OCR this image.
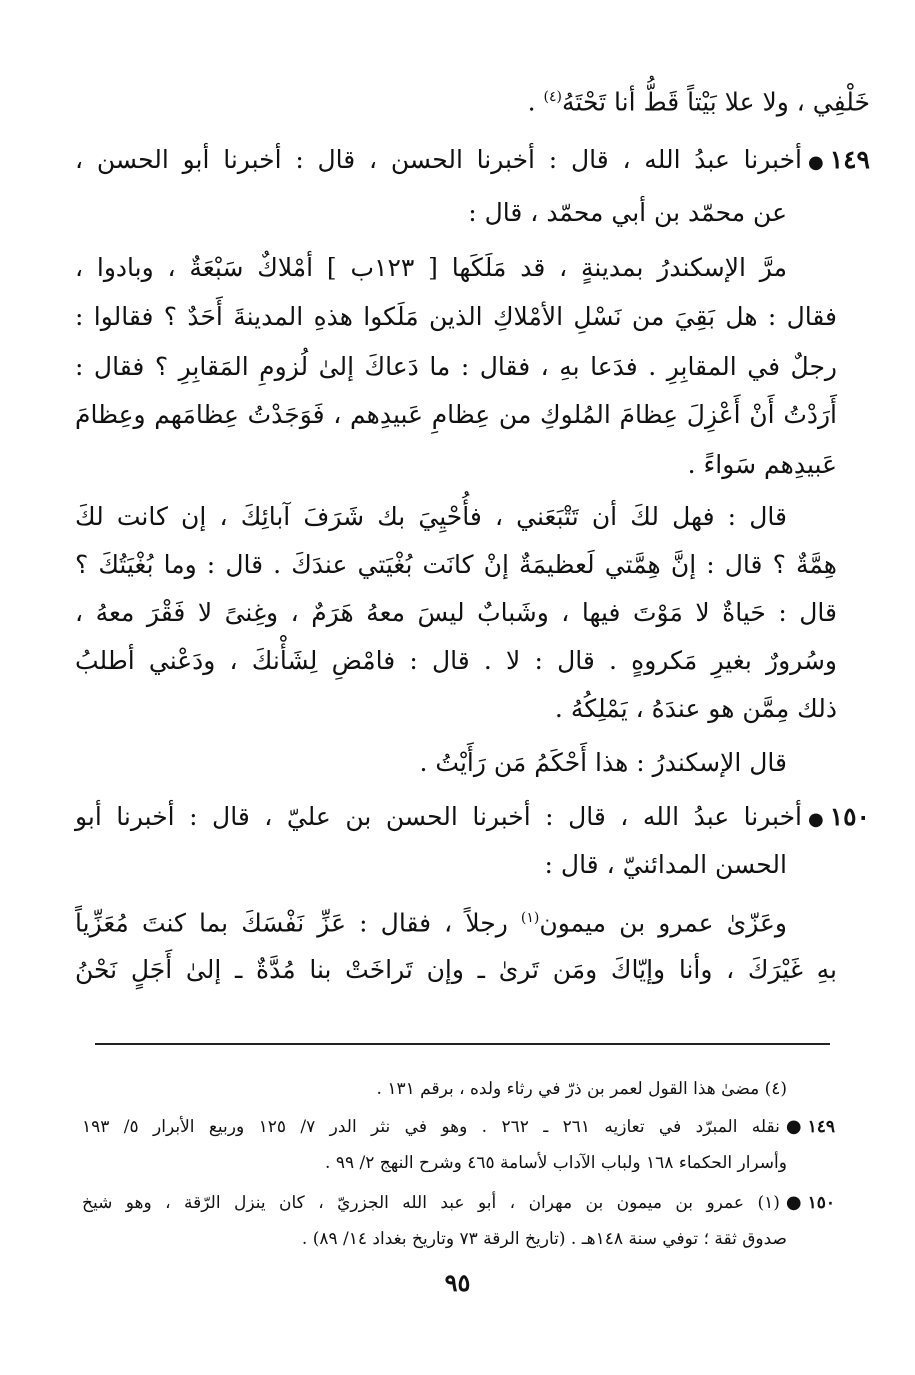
خَلْفِي ، ولا علا بَيْتاً قَطُّ أنا تَحْتَهُ$^{(٤)}$ .
١٤٩●أخبرنا عبدُ الله ، قال : أخبرنا الحسن ، قال : أخبرنا أبو الحسن ،
عن محمّد بن أبي محمّد ، قال :
مرَّ الإسكندرُ بمدينةٍ ، قد مَلَكَها [ ١٢٣ب ] أمْلاكٌ سَبْعَةٌ ، وبادوا ،
فقال : هل بَقِيَ من نَسْلِ الأمْلاكِ الذين مَلَكوا هذهِ المدينةَ أَحَدٌ ؟ فقالوا :
رجلٌ في المقابِرِ . فدَعا بهِ ، فقال : ما دَعاكَ إلىٰ لُزومِ المَقابِرِ ؟ فقال :
أَرَدْتُ أَنْ أَعْزِلَ عِظامَ المُلوكِ من عِظامِ عَبيدِهم ، فَوَجَدْتُ عِظامَهم وعِظامَ
عَبيدِهم سَواءً .
قال : فهل لكَ أن تَتْبَعَني ، فأُحْيِيَ بك شَرَفَ آبائِكَ ، إن كانت لكَ
هِمَّةٌ ؟ قال : إنَّ هِمَّتي لَعظيمَةٌ إنْ كانَت بُغْيَتي عندَكَ . قال : وما بُغْيَتُكَ ؟
قال : حَياةٌ لا مَوْتَ فيها ، وشَبابٌ ليسَ معهُ هَرَمٌ ، وغِنىً لا فَقْرَ معهُ ،
وسُرورٌ بغيرِ مَكروهٍ . قال : لا . قال : فامْضِ لِشَأْنكَ ، ودَعْني أطلبُ
ذلك مِمَّن هو عندَهُ ، يَمْلِكُهُ .
قال الإسكندرُ : هذا أَحْكَمُ مَن رَأَيْتُ .
١٥٠●أخبرنا عبدُ الله ، قال : أخبرنا الحسن بن عليّ ، قال : أخبرنا أبو
الحسن المدائنيّ ، قال :
وعَزّىٰ عمرو بن ميمون$^{(١)}$ رجلاً ، فقال : عَزِّ نَفْسَكَ بما كنتَ مُعَزِّياً
بهِ غَيْرَكَ ، وأنا وإيّاكَ ومَن تَرىٰ ـ وإن تَراخَتْ بنا مُدَّةٌ ـ إلىٰ أَجَلٍ نَحْنُ
(٤) مضىٰ هذا القول لعمر بن ذرّ في رثاء ولده ، برقم ١٣١ .
١٤٩●نقله المبرّد في تعازيه ٢٦١ ـ ٢٦٢ . وهو في نثر الدر ٧/ ١٢٥ وربيع الأبرار ٥/ ١٩٣
وأسرار الحكماء ١٦٨ ولباب الآداب لأسامة ٤٦٥ وشرح النهج ٢/ ٩٩ .
١٥٠●(١) عمرو بن ميمون بن مهران ، أبو عبد الله الجزريّ ، كان ينزل الرّقة ، وهو شيخ
صدوق ثقة ؛ توفي سنة ١٤٨هـ . (تاريخ الرقة ٧٣ وتاريخ بغداد ١٤/ ٨٩) .
٩٥
